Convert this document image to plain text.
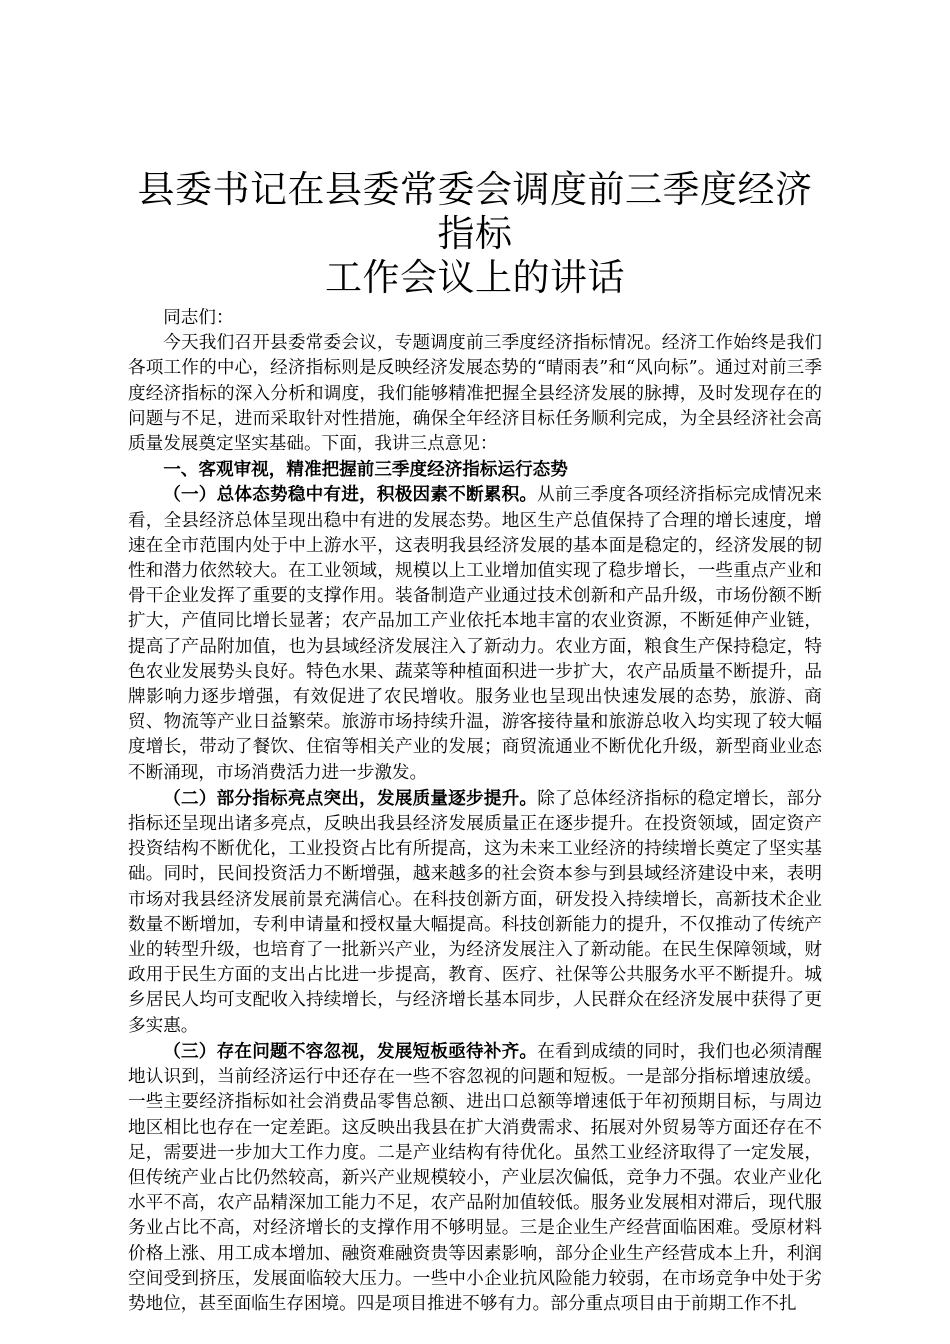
县委书记在县委常委会调度前三季度经济指标
工作会议上的讲话

同志们：

今天我们召开县委常委会议，专题调度前三季度经济指标情况。经济工作始终是我们各项工作的中心，经济指标则是反映经济发展态势的“晴雨表”和“风向标”。通过对前三季度经济指标的深入分析和调度，我们能够精准把握全县经济发展的脉搏，及时发现存在的问题与不足，进而采取针对性措施，确保全年经济目标任务顺利完成，为全县经济社会高质量发展奠定坚实基础。下面，我讲三点意见：

一、客观审视，精准把握前三季度经济指标运行态势

（一）总体态势稳中有进，积极因素不断累积。从前三季度各项经济指标完成情况来看，全县经济总体呈现出稳中有进的发展态势。地区生产总值保持了合理的增长速度，增速在全市范围内处于中上游水平，这表明我县经济发展的基本面是稳定的，经济发展的韧性和潜力依然较大。在工业领域，规模以上工业增加值实现了稳步增长，一些重点产业和骨干企业发挥了重要的支撑作用。装备制造产业通过技术创新和产品升级，市场份额不断扩大，产值同比增长显著；农产品加工产业依托本地丰富的农业资源，不断延伸产业链，提高了产品附加值，也为县域经济发展注入了新动力。农业方面，粮食生产保持稳定，特色农业发展势头良好。特色水果、蔬菜等种植面积进一步扩大，农产品质量不断提升，品牌影响力逐步增强，有效促进了农民增收。服务业也呈现出快速发展的态势，旅游、商贸、物流等产业日益繁荣。旅游市场持续升温，游客接待量和旅游总收入均实现了较大幅度增长，带动了餐饮、住宿等相关产业的发展；商贸流通业不断优化升级，新型商业业态不断涌现，市场消费活力进一步激发。

（二）部分指标亮点突出，发展质量逐步提升。除了总体经济指标的稳定增长，部分指标还呈现出诸多亮点，反映出我县经济发展质量正在逐步提升。在投资领域，固定资产投资结构不断优化，工业投资占比有所提高，这为未来工业经济的持续增长奠定了坚实基础。同时，民间投资活力不断增强，越来越多的社会资本参与到县域经济建设中来，表明市场对我县经济发展前景充满信心。在科技创新方面，研发投入持续增长，高新技术企业数量不断增加，专利申请量和授权量大幅提高。科技创新能力的提升，不仅推动了传统产业的转型升级，也培育了一批新兴产业，为经济发展注入了新动能。在民生保障领域，财政用于民生方面的支出占比进一步提高，教育、医疗、社保等公共服务水平不断提升。城乡居民人均可支配收入持续增长，与经济增长基本同步，人民群众在经济发展中获得了更多实惠。

（三）存在问题不容忽视，发展短板亟待补齐。在看到成绩的同时，我们也必须清醒地认识到，当前经济运行中还存在一些不容忽视的问题和短板。一是部分指标增速放缓。一些主要经济指标如社会消费品零售总额、进出口总额等增速低于年初预期目标，与周边地区相比也存在一定差距。这反映出我县在扩大消费需求、拓展对外贸易等方面还存在不足，需要进一步加大工作力度。二是产业结构有待优化。虽然工业经济取得了一定发展，但传统产业占比仍然较高，新兴产业规模较小，产业层次偏低，竞争力不强。农业产业化水平不高，农产品精深加工能力不足，农产品附加值较低。服务业发展相对滞后，现代服务业占比不高，对经济增长的支撑作用不够明显。三是企业生产经营面临困难。受原材料价格上涨、用工成本增加、融资难融资贵等因素影响，部分企业生产经营成本上升，利润空间受到挤压，发展面临较大压力。一些中小企业抗风险能力较弱，在市场竞争中处于劣势地位，甚至面临生存困境。四是项目推进不够有力。部分重点项目由于前期工作不扎
